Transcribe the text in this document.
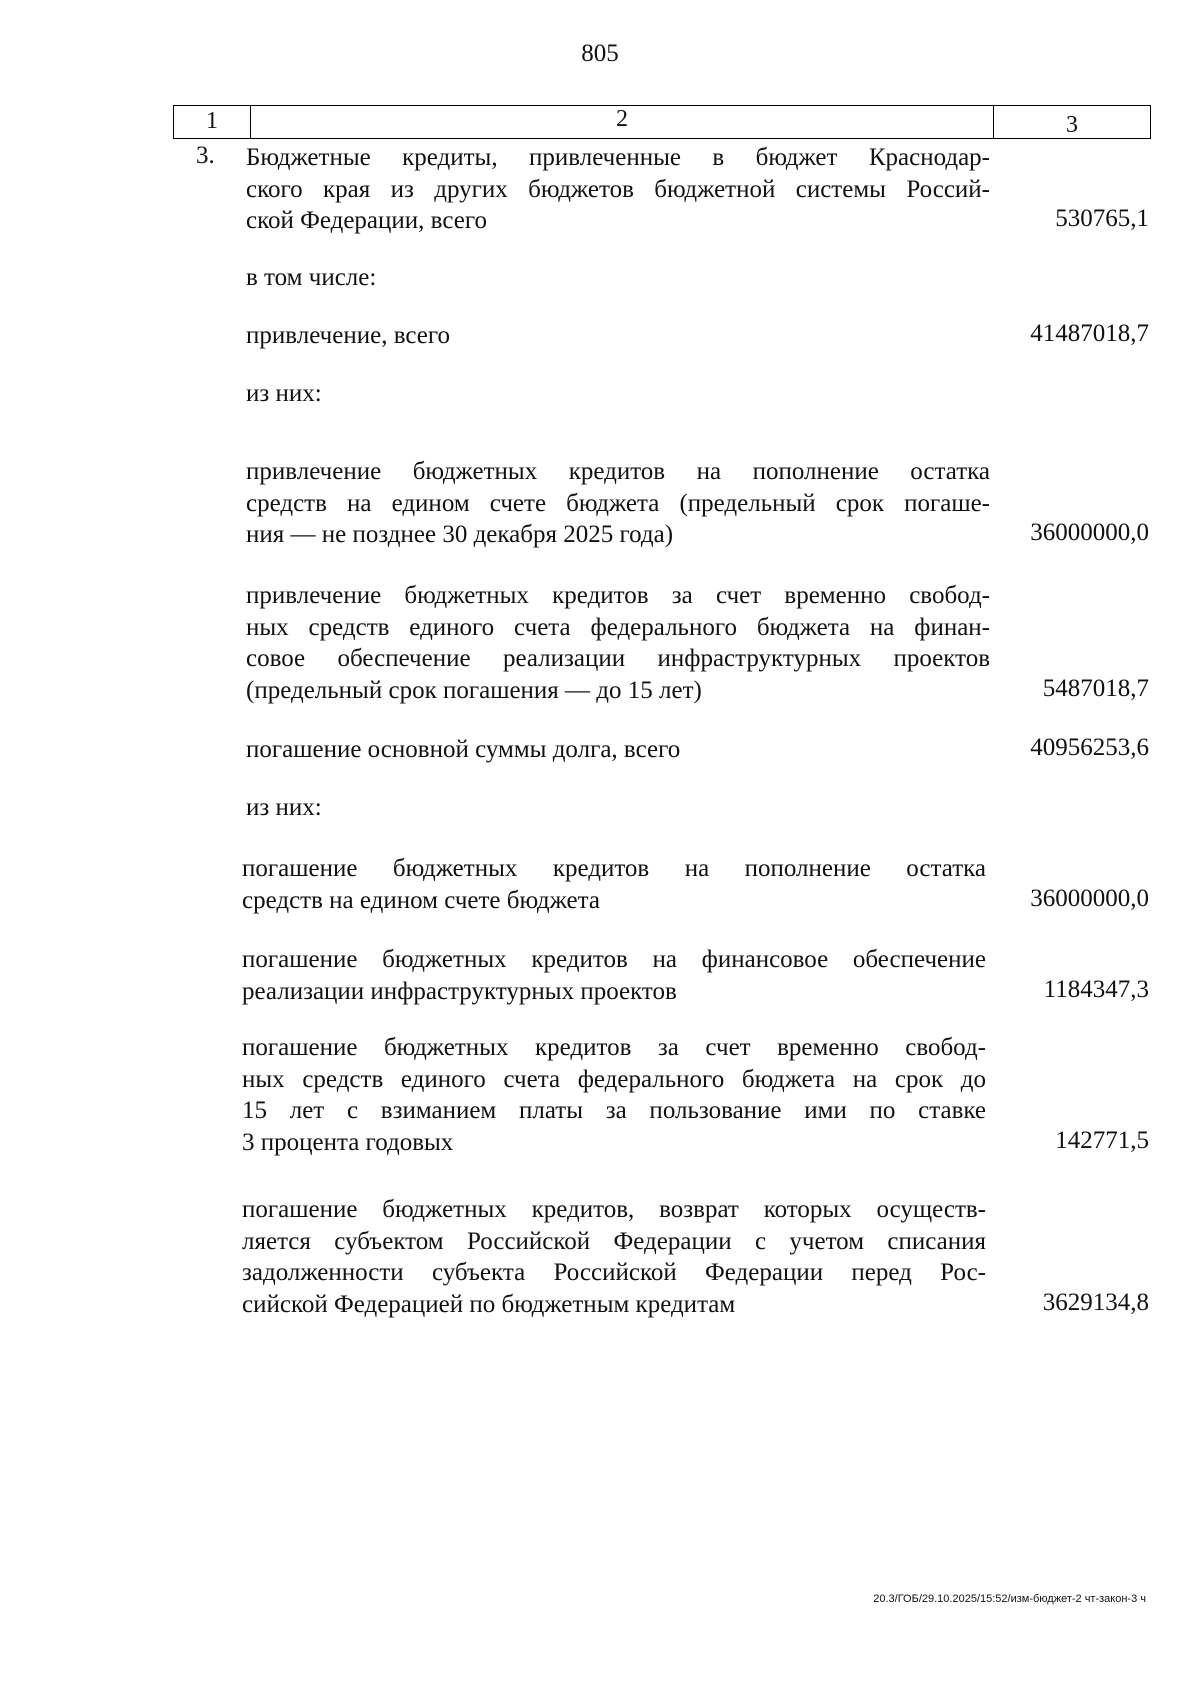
805
1	2	3
3. Бюджетные кредиты, привлеченные в бюджет Краснодар-
ского края из других бюджетов бюджетной системы Россий-
ской Федерации, всего	530765,1
в том числе:
привлечение, всего	41487018,7
из них:
привлечение бюджетных кредитов на пополнение остатка
средств на едином счете бюджета (предельный срок погаше-
ния — не позднее 30 декабря 2025 года)	36000000,0
привлечение бюджетных кредитов за счет временно свобод-
ных средств единого счета федерального бюджета на финан-
совое обеспечение реализации инфраструктурных проектов
(предельный срок погашения — до 15 лет)	5487018,7
погашение основной суммы долга, всего	40956253,6
из них:
погашение бюджетных кредитов на пополнение остатка
средств на едином счете бюджета	36000000,0
погашение бюджетных кредитов на финансовое обеспечение
реализации инфраструктурных проектов	1184347,3
погашение бюджетных кредитов за счет временно свобод-
ных средств единого счета федерального бюджета на срок до
15 лет с взиманием платы за пользование ими по ставке
3 процента годовых	142771,5
погашение бюджетных кредитов, возврат которых осуществ-
ляется субъектом Российской Федерации с учетом списания
задолженности субъекта Российской Федерации перед Рос-
сийской Федерацией по бюджетным кредитам	3629134,8
20.3/ГОБ/29.10.2025/15:52/изм-бюджет-2 чт-закон-3 ч
